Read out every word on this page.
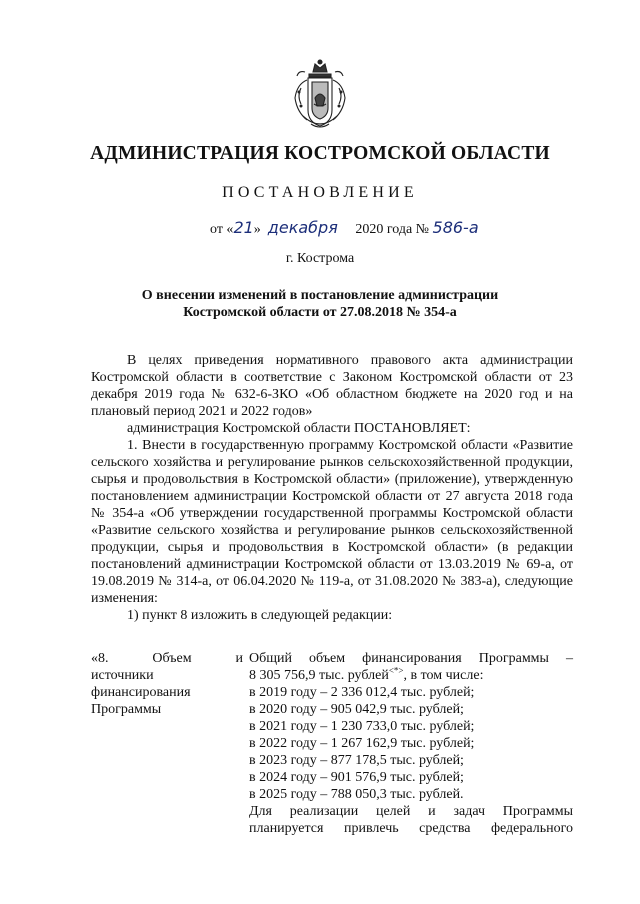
АДМИНИСТРАЦИЯ КОСТРОМСКОЙ ОБЛАСТИ
ПОСТАНОВЛЕНИЕ
от «21» декабря 2020 года № 586-а
г. Кострома
О внесении изменений в постановление администрации
Костромской области от 27.08.2018 № 354-а

В целях приведения нормативного правового акта администрации Костромской области в соответствие с Законом Костромской области от 23 декабря 2019 года № 632-6-ЗКО «Об областном бюджете на 2020 год и на плановый период 2021 и 2022 годов»

администрация Костромской области ПОСТАНОВЛЯЕТ:

1. Внести в государственную программу Костромской области «Развитие сельского хозяйства и регулирование рынков сельскохозяйственной продукции, сырья и продовольствия в Костромской области» (приложение), утвержденную постановлением администрации Костромской области от 27 августа 2018 года № 354-а «Об утверждении государственной программы Костромской области «Развитие сельского хозяйства и регулирование рынков сельскохозяйственной продукции, сырья и продовольствия в Костромской области» (в редакции постановлений администрации Костромской области от 13.03.2019 № 69-а, от 19.08.2019 № 314-а, от 06.04.2020 № 119-а, от 31.08.2020 № 383-а), следующие изменения:

1) пункт 8 изложить в следующей редакции:

«8.	Объем	и
источники
финансирования
Программы

Общий объем финансирования Программы –

8 305 756,9 тыс. рублей<*>, в том числе:

в 2019 году – 2 336 012,4 тыс. рублей;

в 2020 году – 905 042,9 тыс. рублей;

в 2021 году – 1 230 733,0 тыс. рублей;

в 2022 году – 1 267 162,9 тыс. рублей;

в 2023 году – 877 178,5 тыс. рублей;

в 2024 году – 901 576,9 тыс. рублей;

в 2025 году – 788 050,3 тыс. рублей.

Для реализации целей и задач Программы

планируется привлечь средства федерального
